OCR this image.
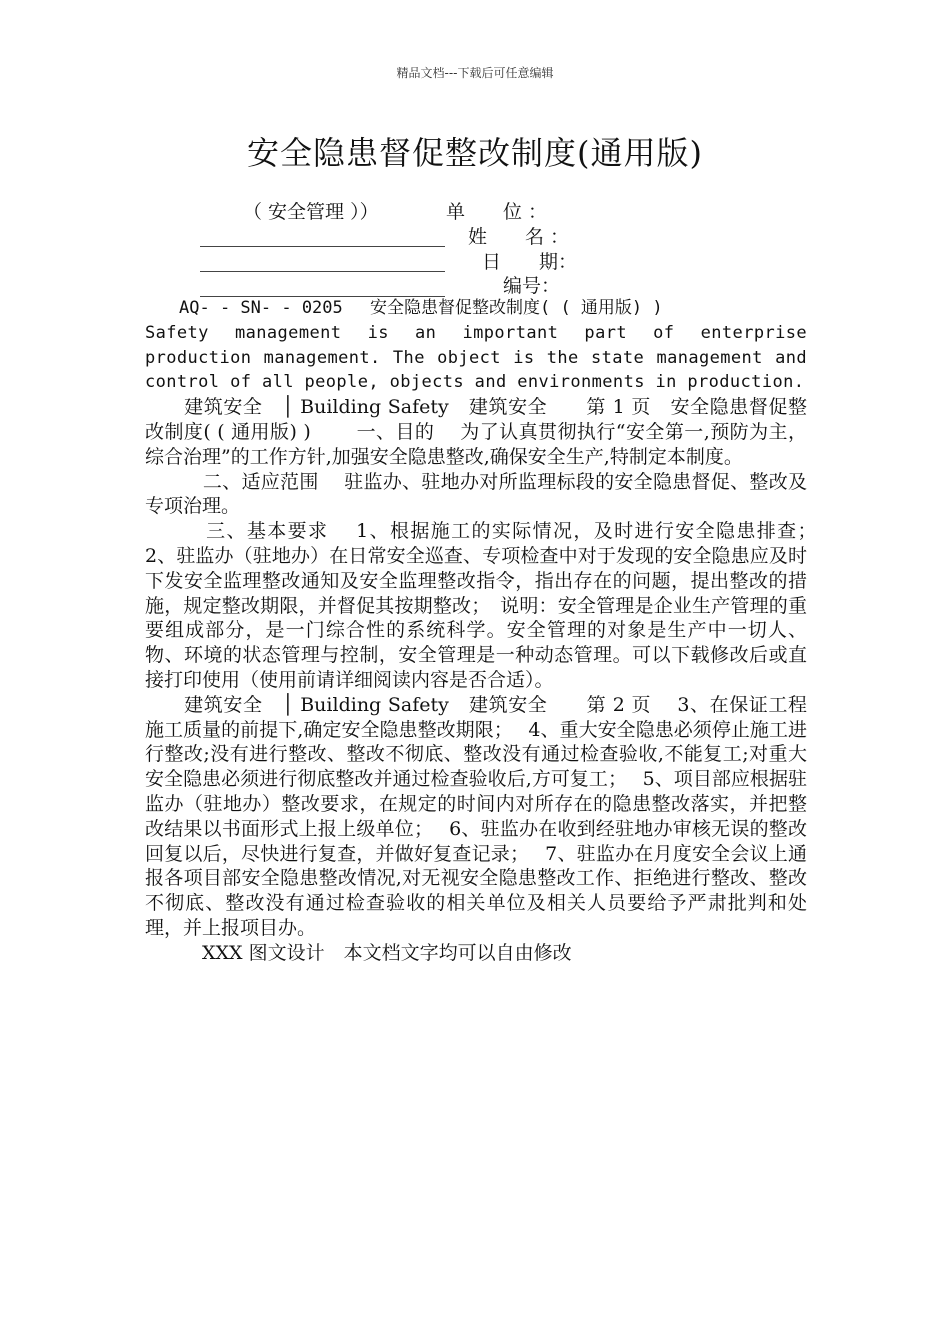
精品文档---下载后可任意编辑
安全隐患督促整改制度(通用版)
（ 安全管理 ））	单　　位 ：
姓　　名 ：
日　　期：
编号：

　　AQ- - SN- - 0205　 安全隐患督促整改制度( ( 通用版) )

Safety management is an important part of enterprise production management. The object is the state management and control of all people, objects and environments in production.

　　建筑安全　│ Building Safety　建筑安全　　第 1 页　安全隐患督促整改制度( ( 通用版) )　　 一、目的　 为了认真贯彻执行“安全第一,预防为主，综合治理”的工作方针,加强安全隐患整改,确保安全生产,特制定本制度。

　　　二、适应范围　 驻监办、驻地办对所监理标段的安全隐患督促、整改及专项治理。

　　　三、基本要求　 1、根据施工的实际情况，及时进行安全隐患排查；　2、驻监办（驻地办）在日常安全巡查、专项检查中对于发现的安全隐患应及时下发安全监理整改通知及安全监理整改指令，指出存在的问题，提出整改的措施，规定整改期限，并督促其按期整改；　说明：安全管理是企业生产管理的重要组成部分，是一门综合性的系统科学。安全管理的对象是生产中一切人、物、环境的状态管理与控制，安全管理是一种动态管理。可以下载修改后或直接打印使用（使用前请详细阅读内容是否合适）。

　　建筑安全　│ Building Safety　建筑安全　　第 2 页　 3、在保证工程施工质量的前提下,确定安全隐患整改期限；　 4、重大安全隐患必须停止施工进行整改;没有进行整改、整改不彻底、整改没有通过检查验收,不能复工;对重大安全隐患必须进行彻底整改并通过检查验收后,方可复工；　 5、项目部应根据驻监办（驻地办）整改要求，在规定的时间内对所存在的隐患整改落实，并把整改结果以书面形式上报上级单位；　 6、驻监办在收到经驻地办审核无误的整改回复以后，尽快进行复查，并做好复查记录；　 7、驻监办在月度安全会议上通报各项目部安全隐患整改情况,对无视安全隐患整改工作、拒绝进行整改、整改不彻底、整改没有通过检查验收的相关单位及相关人员要给予严肃批判和处理，并上报项目办。

　　　XXX 图文设计　本文档文字均可以自由修改
